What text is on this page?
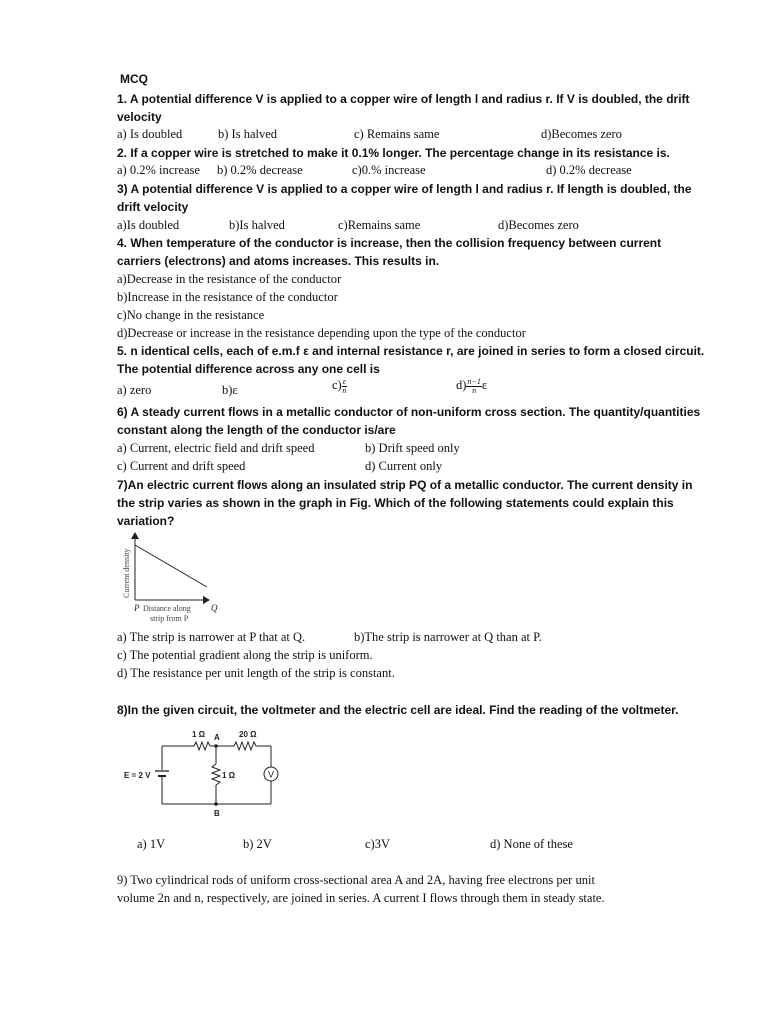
MCQ
1. A potential difference V is applied to a copper wire of length l and radius r. If V is doubled, the drift
velocity
a) Is doubled	b) Is halved	c) Remains same	d)Becomes zero
2. If a copper wire is stretched to make it 0.1% longer. The percentage change in its resistance is.
a) 0.2% increase b) 0.2% decrease	c)0.% increase	d) 0.2% decrease
3) A potential difference V is applied to a copper wire of length l and radius r. If length is doubled, the
drift velocity
a)Is doubled	b)Is halved	c)Remains same	d)Becomes zero
4. When temperature of the conductor is increase, then the collision frequency between current
carriers (electrons) and atoms increases. This results in.
a)Decrease in the resistance of the conductor
b)Increase in the resistance of the conductor
c)No change in the resistance
d)Decrease or increase in the resistance depending upon the type of the conductor
5. n identical cells, each of e.m.f ε and internal resistance r, are joined in series to form a closed circuit.
The potential difference across any one cell is
a) zero	b)ε	$c) \frac{\varepsilon}{n}$	$d) \frac{n-1}{n}$ ε
6) A steady current flows in a metallic conductor of non-uniform cross section. The quantity/quantities
constant along the length of the conductor is/are
a) Current, electric field and drift speed	b) Drift speed only
c) Current and drift speed	d) Current only
7)An electric current flows along an insulated strip PQ of a metallic conductor. The current density in
the strip varies as shown in the graph in Fig. Which of the following statements could explain this
variation?
Current density
P Distance along
strip from P
Q
a) The strip is narrower at P that at Q.	b)The strip is narrower at Q than at P.
c) The potential gradient along the strip is uniform.
d) The resistance per unit length of the strip is constant.
8)In the given circuit, the voltmeter and the electric cell are ideal. Find the reading of the voltmeter.
V
1 Ω A 20 Ω
E = 2 V	1 Ω
B
a) 1V	b) 2V	c)3V	d) None of these
9) Two cylindrical rods of uniform cross-sectional area A and 2A, having free electrons per unit
volume 2n and n, respectively, are joined in series. A current I flows through them in steady state.
